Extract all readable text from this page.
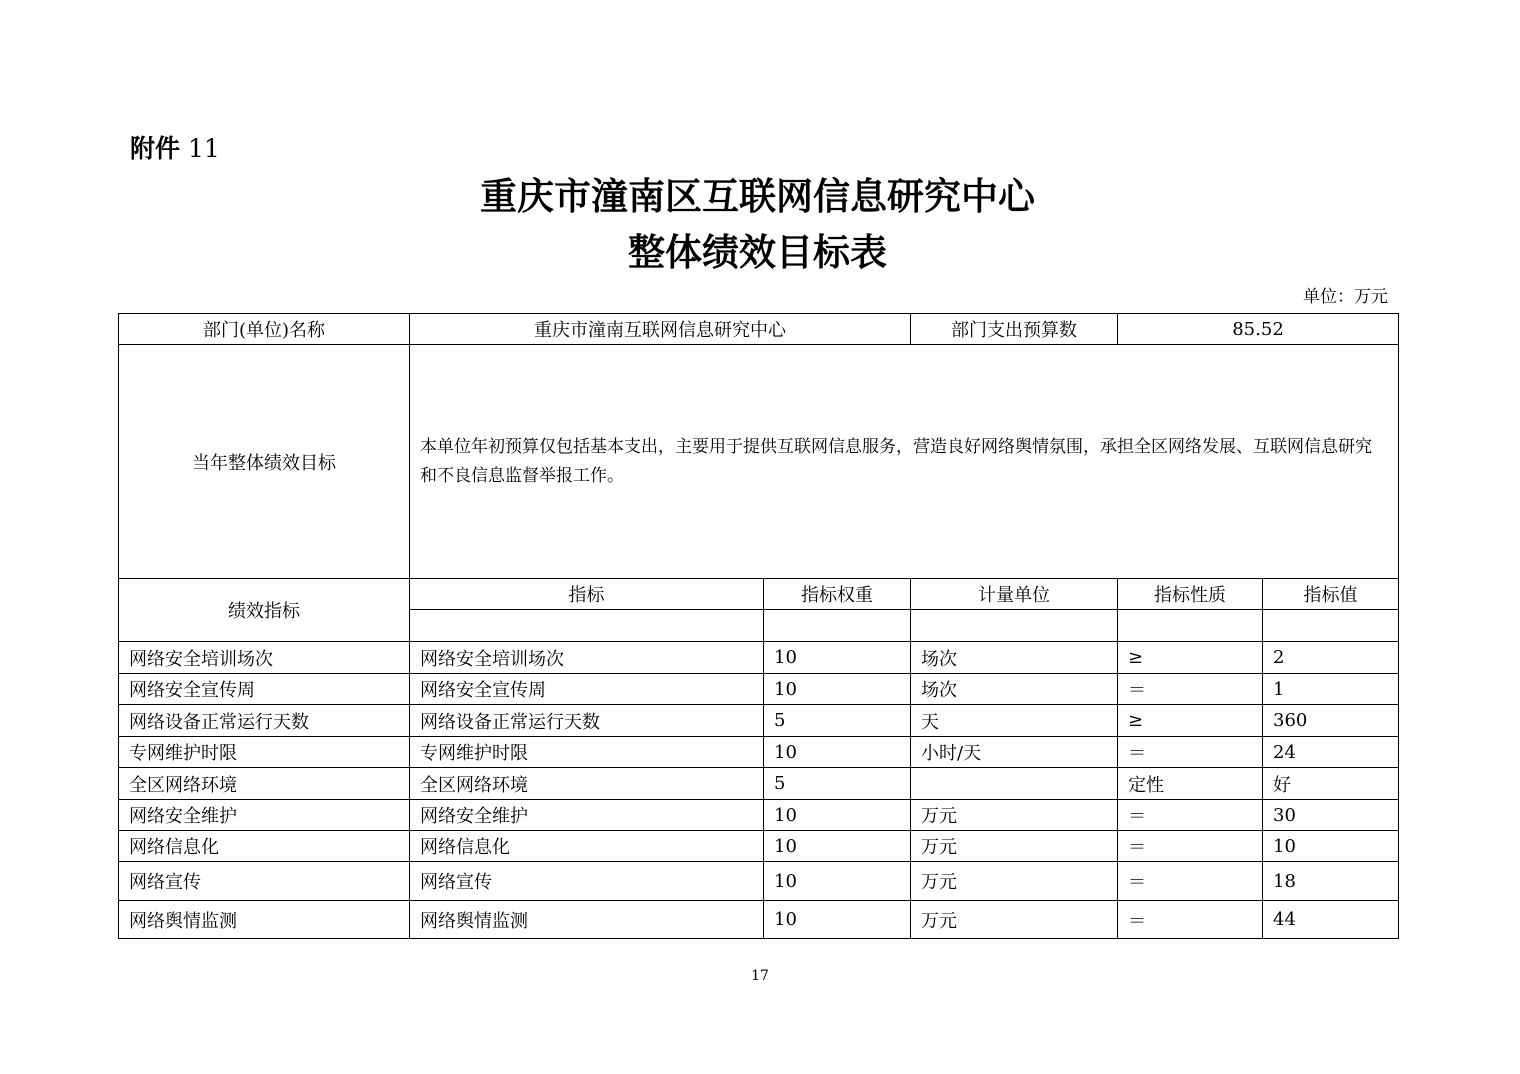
附件 11
重庆市潼南区互联网信息研究中心
整体绩效目标表
单位：万元
部门(单位)名称	重庆市潼南互联网信息研究中心		部门支出预算数	85.52	
当年整体绩效目标	本单位年初预算仅包括基本支出，主要用于提供互联网信息服务，营造良好网络舆情氛围，承担全区网络发展、互联网信息研究和不良信息监督举报工作。				
绩效指标	指标	指标权重	计量单位	指标性质	指标值

网络安全培训场次	网络安全培训场次	10	场次	≥	2
网络安全宣传周	网络安全宣传周	10	场次	＝	1
网络设备正常运行天数	网络设备正常运行天数	5	天	≥	360
专网维护时限	专网维护时限	10	小时/天	＝	24
全区网络环境	全区网络环境	5		定性	好
网络安全维护	网络安全维护	10	万元	＝	30
网络信息化	网络信息化	10	万元	＝	10
网络宣传	网络宣传	10	万元	＝	18
网络舆情监测	网络舆情监测	10	万元	＝	44
17
